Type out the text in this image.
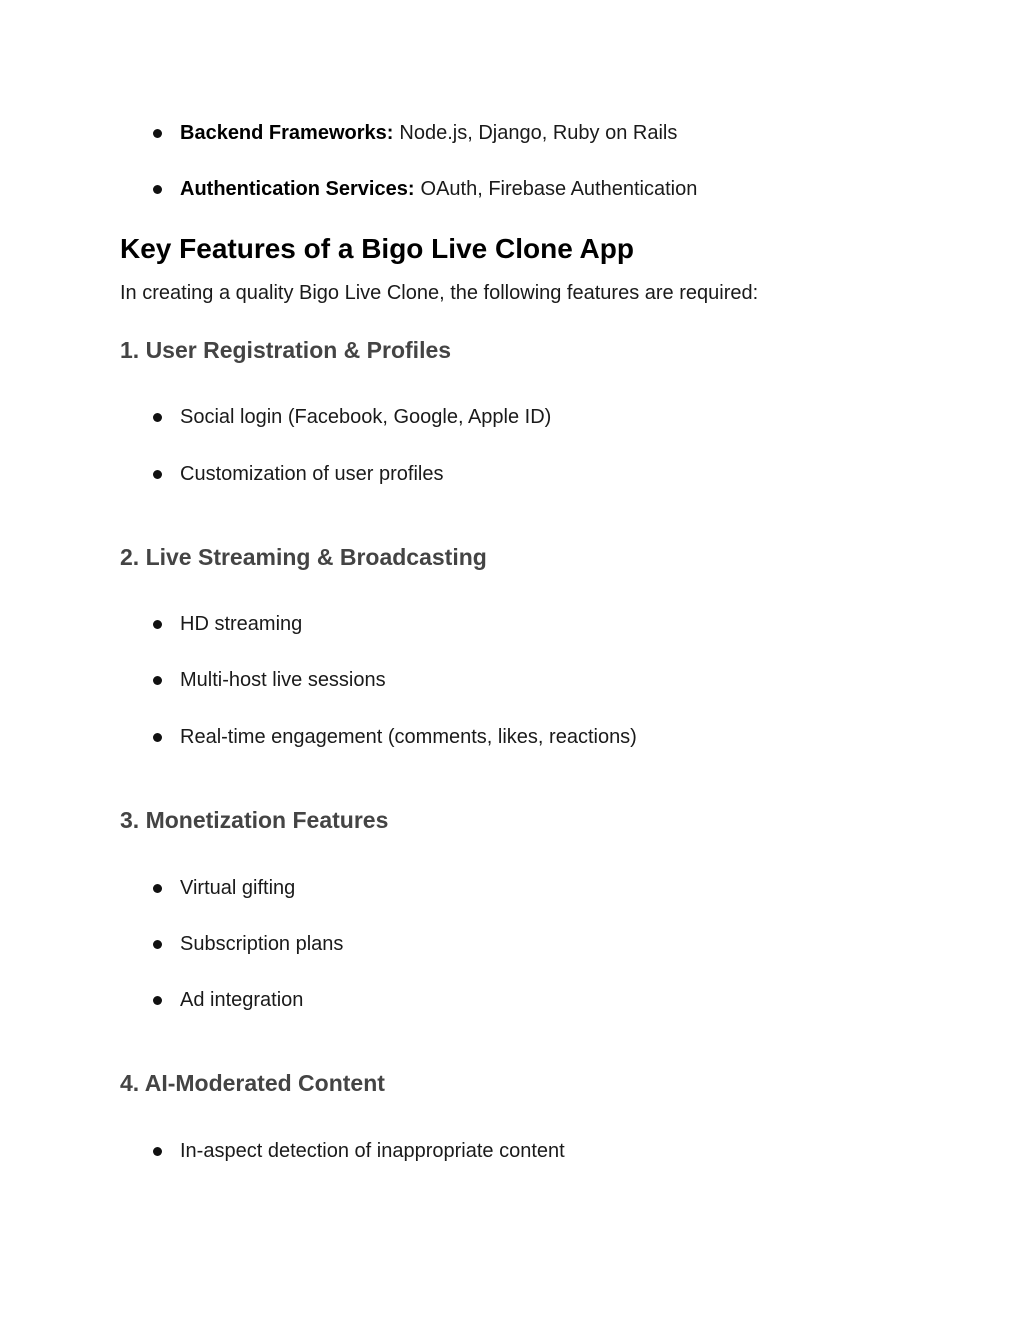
Backend Frameworks: Node.js, Django, Ruby on Rails
Authentication Services: OAuth, Firebase Authentication
Key Features of a Bigo Live Clone App
In creating a quality Bigo Live Clone, the following features are required:
1. User Registration & Profiles
Social login (Facebook, Google, Apple ID)
Customization of user profiles
2. Live Streaming & Broadcasting
HD streaming
Multi-host live sessions
Real-time engagement (comments, likes, reactions)
3. Monetization Features
Virtual gifting
Subscription plans
Ad integration
4. AI-Moderated Content
In-aspect detection of inappropriate content
